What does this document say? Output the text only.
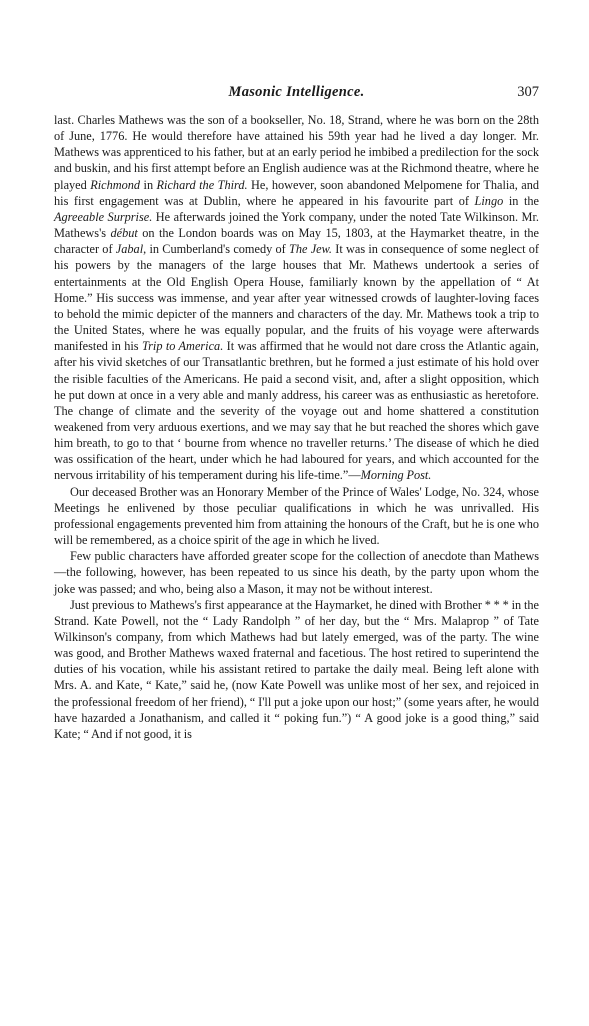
Masonic Intelligence.	307

last. Charles Mathews was the son of a bookseller, No. 18, Strand, where he was born on the 28th of June, 1776. He would therefore have attained his 59th year had he lived a day longer. Mr. Mathews was apprenticed to his father, but at an early period he imbibed a predilection for the sock and buskin, and his first attempt before an English audience was at the Richmond theatre, where he played Richmond in Richard the Third. He, however, soon abandoned Melpomene for Thalia, and his first engagement was at Dublin, where he appeared in his favourite part of Lingo in the Agreeable Surprise. He afterwards joined the York company, under the noted Tate Wilkinson. Mr. Mathews's début on the London boards was on May 15, 1803, at the Haymarket theatre, in the character of Jabal, in Cumberland's comedy of The Jew. It was in consequence of some neglect of his powers by the managers of the large houses that Mr. Mathews undertook a series of entertainments at the Old English Opera House, familiarly known by the appellation of “ At Home.” His success was immense, and year after year witnessed crowds of laughter-loving faces to behold the mimic depicter of the manners and characters of the day. Mr. Mathews took a trip to the United States, where he was equally popular, and the fruits of his voyage were afterwards manifested in his Trip to America. It was affirmed that he would not dare cross the Atlantic again, after his vivid sketches of our Transatlantic brethren, but he formed a just estimate of his hold over the risible faculties of the Americans. He paid a second visit, and, after a slight opposition, which he put down at once in a very able and manly address, his career was as enthusiastic as heretofore. The change of climate and the severity of the voyage out and home shattered a constitution weakened from very arduous exertions, and we may say that he but reached the shores which gave him breath, to go to that ‘ bourne from whence no traveller returns.’ The disease of which he died was ossification of the heart, under which he had laboured for years, and which accounted for the nervous irritability of his temperament during his life-time.”—Morning Post.

Our deceased Brother was an Honorary Member of the Prince of Wales' Lodge, No. 324, whose Meetings he enlivened by those peculiar qualifications in which he was unrivalled. His professional engagements prevented him from attaining the honours of the Craft, but he is one who will be remembered, as a choice spirit of the age in which he lived.

Few public characters have afforded greater scope for the collection of anecdote than Mathews—the following, however, has been repeated to us since his death, by the party upon whom the joke was passed; and who, being also a Mason, it may not be without interest.

Just previous to Mathews's first appearance at the Haymarket, he dined with Brother * * * in the Strand. Kate Powell, not the “ Lady Randolph ” of her day, but the “ Mrs. Malaprop ” of Tate Wilkinson's company, from which Mathews had but lately emerged, was of the party. The wine was good, and Brother Mathews waxed fraternal and facetious. The host retired to superintend the duties of his vocation, while his assistant retired to partake the daily meal. Being left alone with Mrs. A. and Kate, “ Kate,” said he, (now Kate Powell was unlike most of her sex, and rejoiced in the professional freedom of her friend), “ I'll put a joke upon our host;” (some years after, he would have hazarded a Jonathanism, and called it “ poking fun.”) “ A good joke is a good thing,” said Kate; “ And if not good, it is
